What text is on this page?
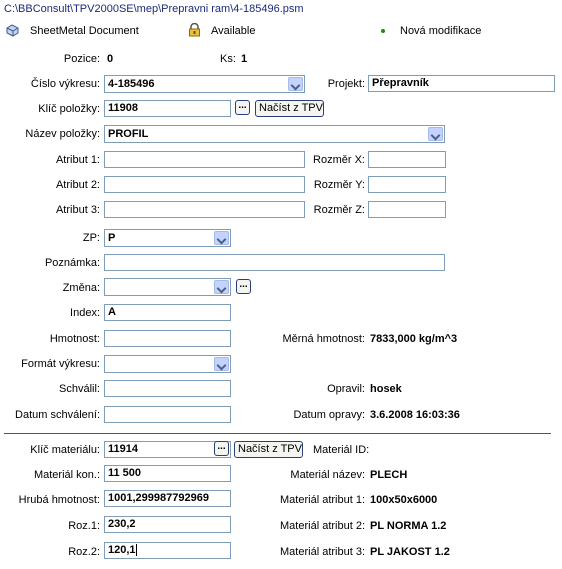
C:\BBConsult\TPV2000SE\mep\Prepravni ram\4-185496.psm
SheetMetal Document	Available	Nová modifikace
Pozice: 0	Ks: 1
Číslo výkresu: 4-185496	Projekt: Přepravník
Klíč položky: 11908	...	Načíst z TPV
Název položky: PROFIL
Atribut 1:	Rozměr X:
Atribut 2:	Rozměr Y:
Atribut 3:	Rozměr Z:
ZP: P
Poznámka:
Změna:	...
Index: A
Hmotnost:	Měrná hmotnost: 7833,000 kg/m^3
Formát výkresu:
Schválil:	Opravil: hosek
Datum schválení:	Datum opravy: 3.6.2008 16:03:36
Klíč materiálu: 11914	...	Načíst z TPV Materiál ID:
Materiál kon.: 11 500	Materiál název: PLECH
Hrubá hmotnost: 1001,299987792969	Materiál atribut 1: 100x50x6000
Roz.1: 230,2	Materiál atribut 2: PL NORMA 1.2
Roz.2: 120,1	Materiál atribut 3: PL JAKOST 1.2
